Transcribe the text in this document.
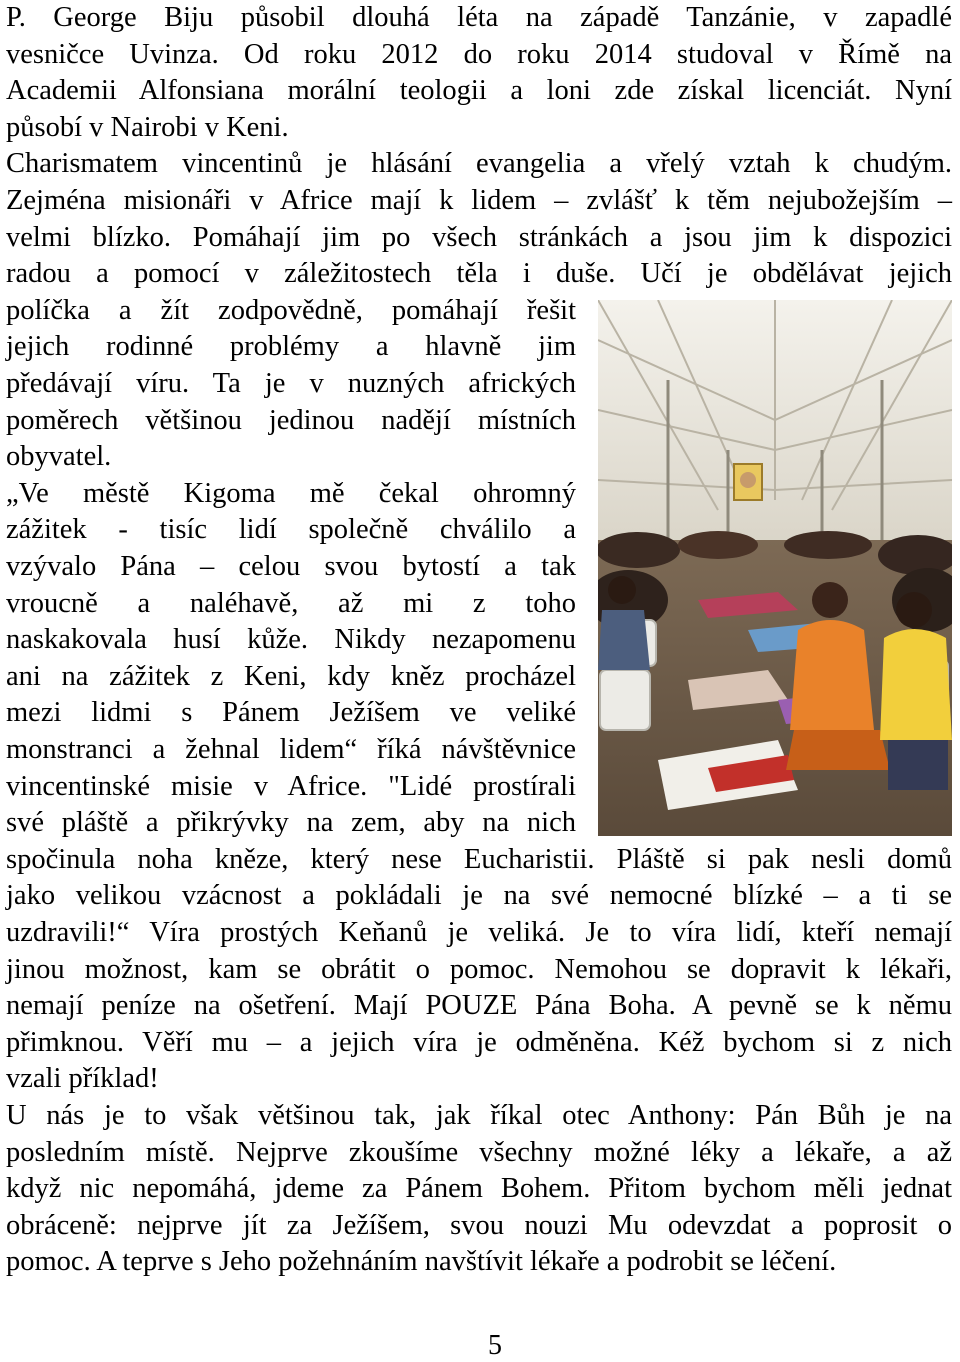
P. George Biju působil dlouhá léta na západě Tanzánie, v zapadlé
vesničce Uvinza. Od roku 2012 do roku 2014 studoval v Římě na
Academii Alfonsiana morální teologii a loni zde získal licenciát. Nyní
působí v Nairobi v Keni.
Charismatem vincentinů je hlásání evangelia a vřelý vztah k chudým.
Zejména misionáři v Africe mají k lidem – zvlášť k těm nejubožejším –
velmi blízko. Pomáhají jim po všech stránkách a jsou jim k dispozici
radou a pomocí v záležitostech těla i duše. Učí je obdělávat jejich
políčka a žít zodpovědně, pomáhají řešit
jejich rodinné problémy a hlavně jim
předávají víru. Ta je v nuzných afrických
poměrech většinou jedinou nadějí místních
obyvatel.
„Ve městě Kigoma mě čekal ohromný
zážitek - tisíc lidí společně chválilo a
vzývalo Pána – celou svou bytostí a tak
vroucně a naléhavě, až mi z toho
naskakovala husí kůže. Nikdy nezapomenu
ani na zážitek z Keni, kdy kněz procházel
mezi lidmi s Pánem Ježíšem ve veliké
monstranci a žehnal lidem“ říká návštěvnice
vincentinské misie v Africe. "Lidé prostírali
své pláště a přikrývky na zem, aby na nich
spočinula noha kněze, který nese Eucharistii. Pláště si pak nesli domů
jako velikou vzácnost a pokládali je na své nemocné blízké – a ti se
uzdravili!“ Víra prostých Keňanů je veliká. Je to víra lidí, kteří nemají
jinou možnost, kam se obrátit o pomoc. Nemohou se dopravit k lékaři,
nemají peníze na ošetření. Mají POUZE Pána Boha. A pevně se k němu
přimknou. Věří mu – a jejich víra je odměněna. Kéž bychom si z nich
vzali příklad!
U nás je to však většinou tak, jak říkal otec Anthony: Pán Bůh je na
posledním místě. Nejprve zkoušíme všechny možné léky a lékaře, a až
když nic nepomáhá, jdeme za Pánem Bohem. Přitom bychom měli jednat
obráceně: nejprve jít za Ježíšem, svou nouzi Mu odevzdat a poprosit o
pomoc. A teprve s Jeho požehnáním navštívit lékaře a podrobit se léčení.
5
